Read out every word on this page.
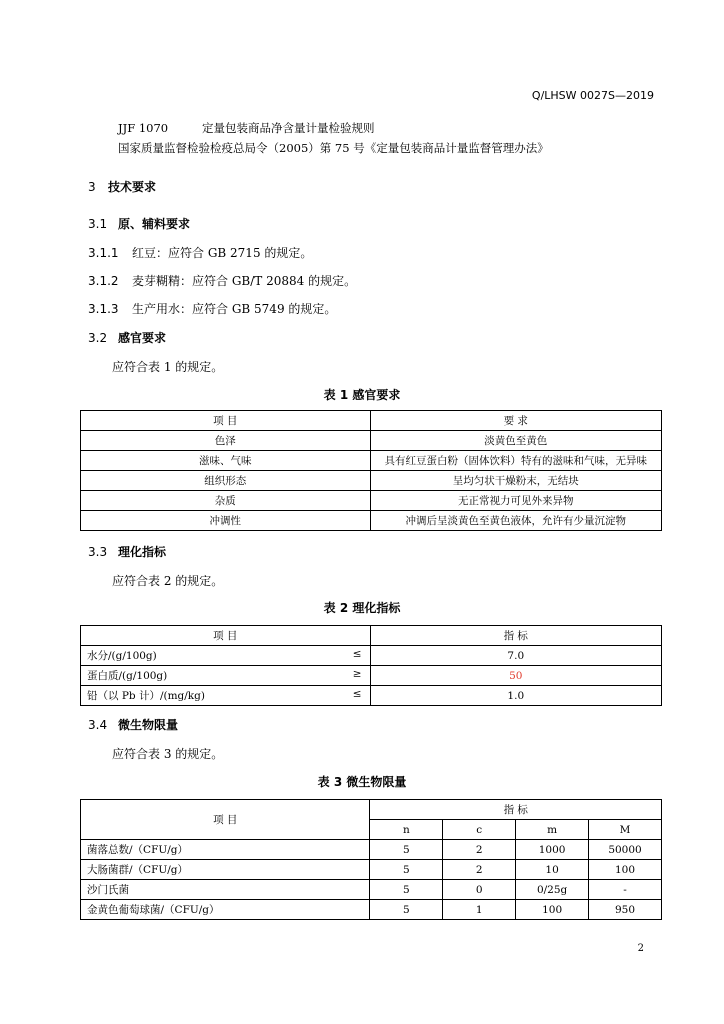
Q/LHSW 0027S—2019
JJF 1070	定量包装商品净含量计量检验规则
国家质量监督检验检疫总局令（2005）第 75 号《定量包装商品计量监督管理办法》
3 技术要求
3.1 原、辅料要求
3.1.1 红豆：应符合 GB 2715 的规定。
3.1.2 麦芽糊精：应符合 GB/T 20884 的规定。
3.1.3 生产用水：应符合 GB 5749 的规定。
3.2 感官要求
应符合表 1 的规定。
表 1 感官要求
项 目	要 求
色泽	淡黄色至黄色
滋味、气味	具有红豆蛋白粉（固体饮料）特有的滋味和气味，无异味
组织形态	呈均匀状干燥粉末，无结块
杂质	无正常视力可见外来异物
冲调性	冲调后呈淡黄色至黄色液体，允许有少量沉淀物
3.3 理化指标
应符合表 2 的规定。
表 2 理化指标
项 目	指 标
水分/(g/100g) ≤	7.0
蛋白质/(g/100g) ≥	50
铅（以 Pb 计）/(mg/kg) ≤	1.0
3.4 微生物限量
应符合表 3 的规定。
表 3 微生物限量
项 目	指 标			
	n	c	m	M
菌落总数/（CFU/g）	5	2	1000	50000
大肠菌群/（CFU/g）	5	2	10	100
沙门氏菌	5	0	0/25g	-
金黄色葡萄球菌/（CFU/g）	5	1	100	950
2
